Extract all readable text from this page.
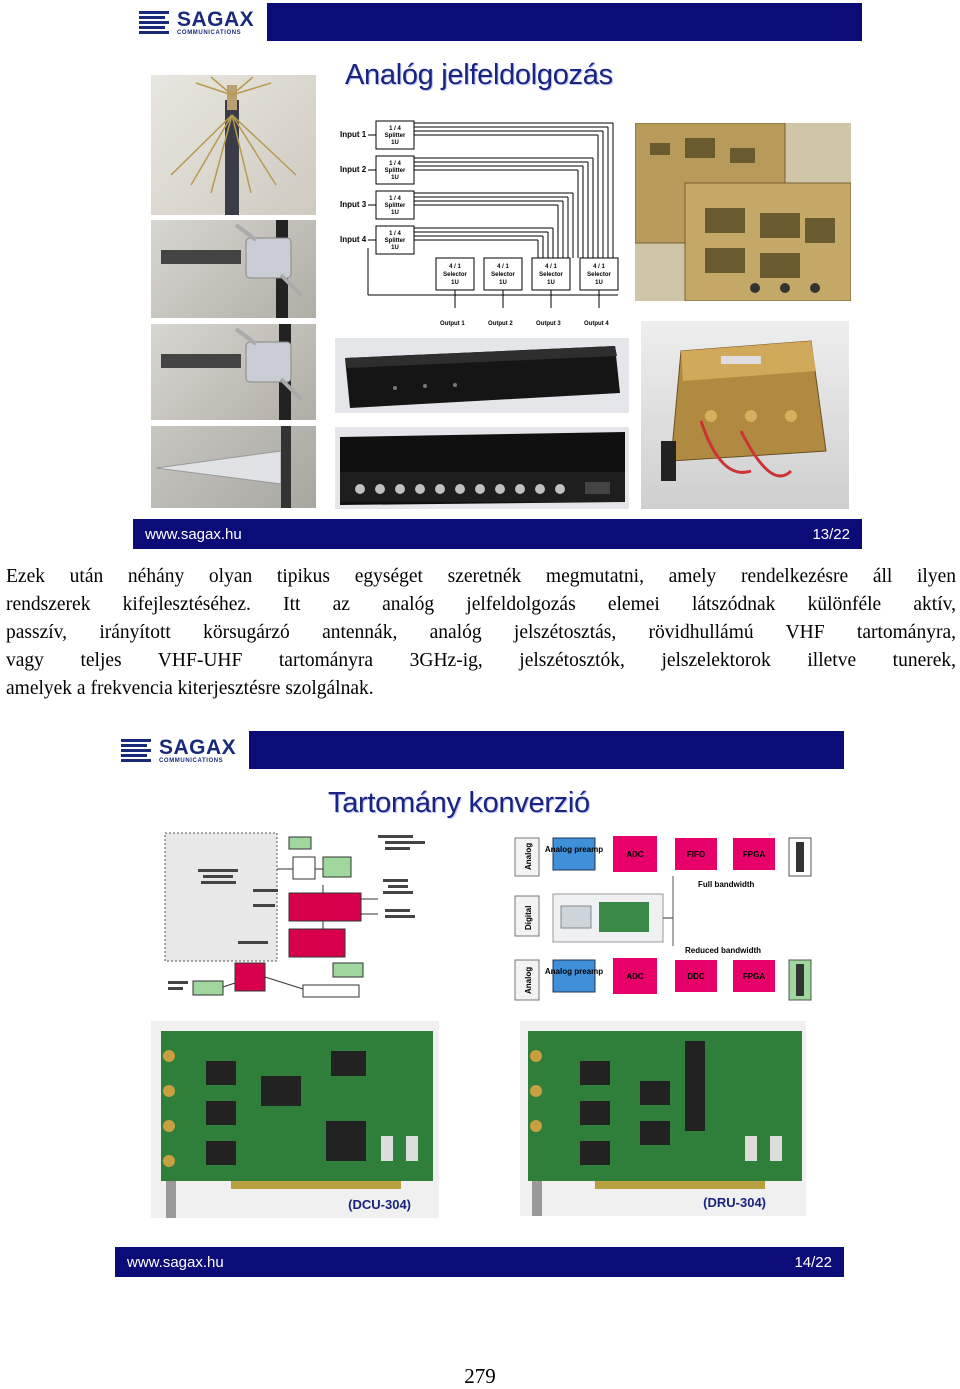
SAGAX
COMMUNICATIONS
Analóg jelfeldolgozás
Input 1
Input 2
Input 3
Input 4
1 / 4
Splitter
1U
1 / 4
Splitter
1U
1 / 4
Splitter
1U
1 / 4
Splitter
1U
4 / 1
Selector
1U
4 / 1
Selector
1U
4 / 1
Selector
1U
4 / 1
Selector
1U
Output 1	Output 2	Output 3	Output 4
www.sagax.hu	13/22
Ezek után néhány olyan tipikus egységet szeretnék megmutatni, amely rendelkezésre áll ilyen
rendszerek kifejlesztéséhez. Itt az analóg jelfeldolgozás elemei látszódnak különféle aktív,
passzív, irányított körsugárzó antennák, analóg jelszétosztás, rövidhullámú VHF tartományra,
vagy teljes VHF-UHF tartományra 3GHz-ig, jelszétosztók, jelszelektorok illetve tunerek,
amelyek a frekvencia kiterjesztésre szolgálnak.
SAGAX
COMMUNICATIONS
Tartomány konverzió
Analog Analog preamp
ADC	FIFO	FPGA
Full bandwidth
Digital
Reduced bandwidth
Analog Analog preamp
ADC	DDC	FPGA
(DCU-304)	(DRU-304)
www.sagax.hu	14/22
279
